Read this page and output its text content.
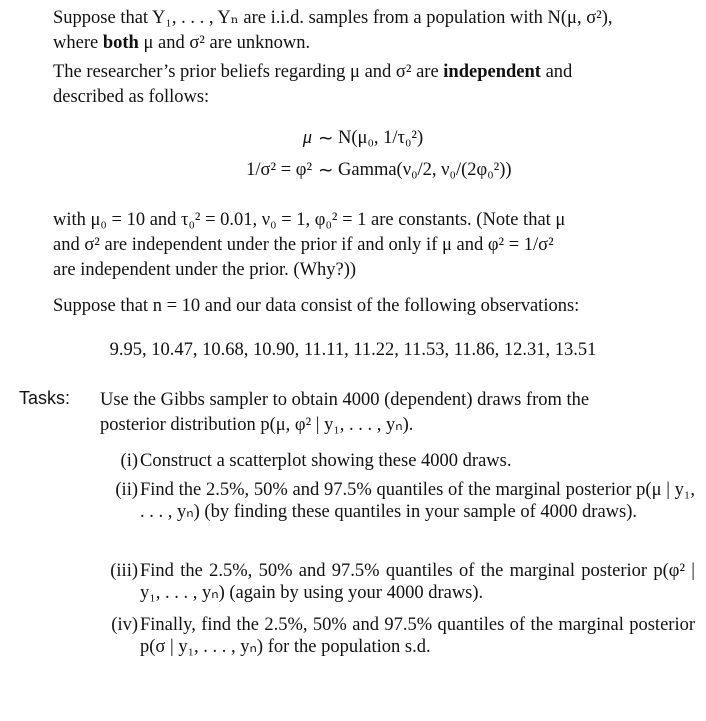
Suppose that Y₁, . . . , Yₙ are i.i.d. samples from a population with N(μ, σ²),
where both μ and σ² are unknown.

The researcher’s prior beliefs regarding μ and σ² are independent and
described as follows:

μ ∼ N(μ₀, 1/τ₀²)
1/σ² = φ² ∼ Gamma(ν₀/2, ν₀/(2φ₀²))

with μ₀ = 10 and τ₀² = 0.01, ν₀ = 1, φ₀² = 1 are constants. (Note that μ
and σ² are independent under the prior if and only if μ and φ² = 1/σ²
are independent under the prior. (Why?))

Suppose that n = 10 and our data consist of the following observations:

9.95, 10.47, 10.68, 10.90, 11.11, 11.22, 11.53, 11.86, 12.31, 13.51
Tasks: Use the Gibbs sampler to obtain 4000 (dependent) draws from the
posterior distribution p(μ, φ² | y₁, . . . , yₙ).
(i) Construct a scatterplot showing these 4000 draws.
(ii) Find the 2.5%, 50% and 97.5% quantiles of the marginal posterior p(μ | y₁, . . . , yₙ) (by finding these quantiles in your sample of 4000 draws).
(iii) Find the 2.5%, 50% and 97.5% quantiles of the marginal posterior p(φ² | y₁, . . . , yₙ) (again by using your 4000 draws).
(iv) Finally, find the 2.5%, 50% and 97.5% quantiles of the marginal posterior p(σ | y₁, . . . , yₙ) for the population s.d.
